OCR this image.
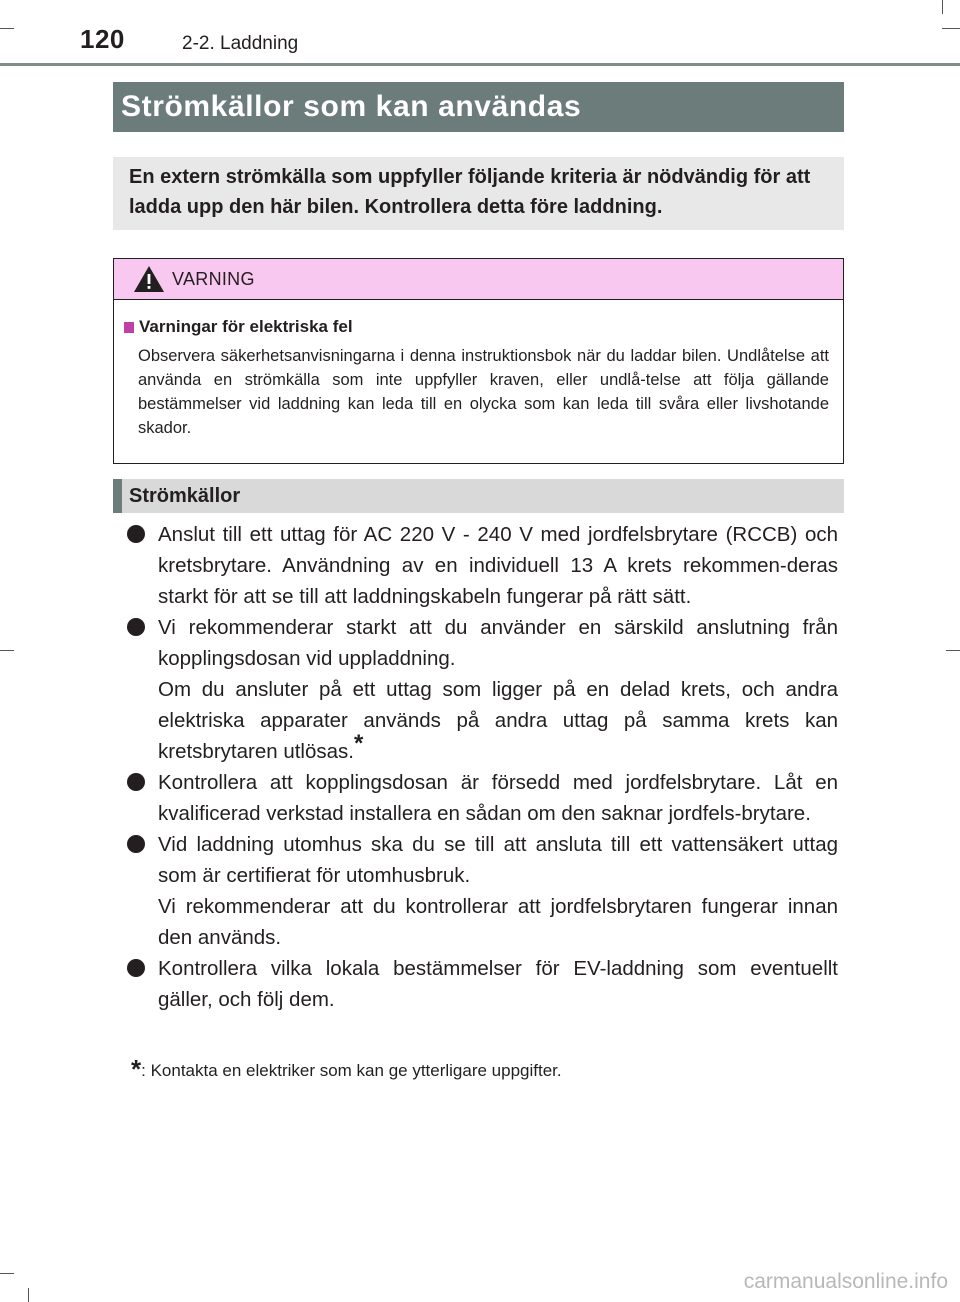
120	2-2. Laddning
Strömkällor som kan användas
En extern strömkälla som uppfyller följande kriteria är nödvändig för att ladda upp den här bilen. Kontrollera detta före laddning.
VARNING
Varningar för elektriska fel
Observera säkerhetsanvisningarna i denna instruktionsbok när du laddar bilen. Undlåtelse att använda en strömkälla som inte uppfyller kraven, eller undlå-telse att följa gällande bestämmelser vid laddning kan leda till en olycka som kan leda till svåra eller livshotande skador.
Strömkällor

Anslut till ett uttag för AC 220 V - 240 V med jordfelsbrytare (RCCB) och kretsbrytare. Användning av en individuell 13 A krets rekommen-deras starkt för att se till att laddningskabeln fungerar på rätt sätt.

Vi rekommenderar starkt att du använder en särskild anslutning från kopplingsdosan vid uppladdning.

Om du ansluter på ett uttag som ligger på en delad krets, och andra elektriska apparater används på andra uttag på samma krets kan kretsbrytaren utlösas.*

Kontrollera att kopplingsdosan är försedd med jordfelsbrytare. Låt en kvalificerad verkstad installera en sådan om den saknar jordfels-brytare.

Vid laddning utomhus ska du se till att ansluta till ett vattensäkert uttag som är certifierat för utomhusbruk.

Vi rekommenderar att du kontrollerar att jordfelsbrytaren fungerar innan den används.

Kontrollera vilka lokala bestämmelser för EV-laddning som eventuellt gäller, och följ dem.

*: Kontakta en elektriker som kan ge ytterligare uppgifter.
carmanualsonline.info
